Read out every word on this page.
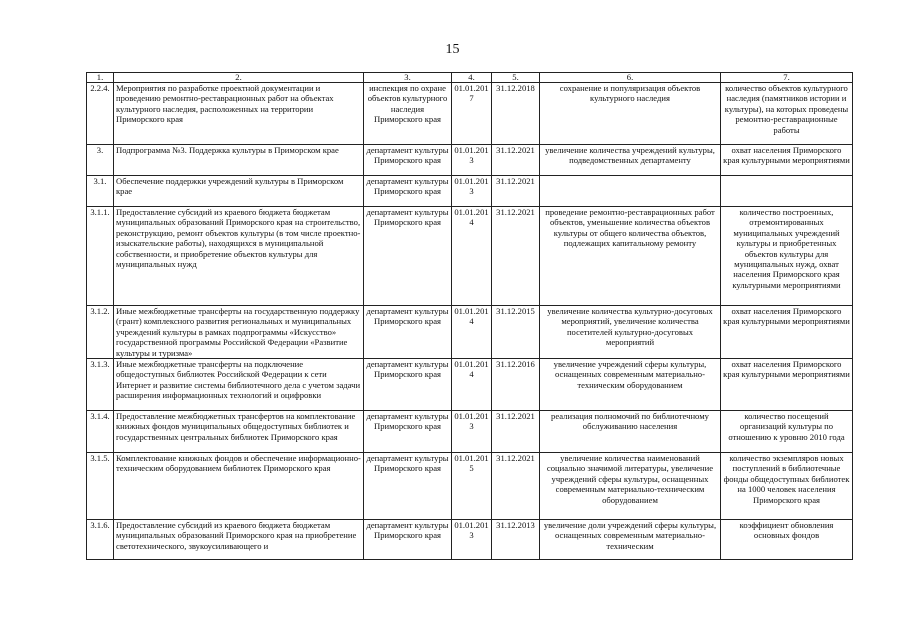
15
1.	2.	3.	4.	5.	6.	7.
2.2.4.	Мероприятия по разработке проектной документации и проведению ремонтно-реставрационных работ на объектах культурного наследия, расположенных на территории Приморского края	инспекция по охране объектов культурного наследия Приморского края	01.01.2017	31.12.2018	сохранение и популяризация объектов культурного наследия	количество объектов культурного наследия (памятников истории и культуры), на которых проведены ремонтно-реставрационные работы
3.	Подпрограмма №3. Поддержка культуры в Приморском крае	департамент культуры Приморского края	01.01.2013	31.12.2021	увеличение количества учреждений культуры, подведомственных департаменту	охват населения Приморского края культурными мероприятиями
3.1.	Обеспечение поддержки учреждений культуры в Приморском крае	департамент культуры Приморского края	01.01.2013	31.12.2021		
3.1.1.	Предоставление субсидий из краевого бюджета бюджетам муниципальных образований Приморского края на строительство, реконструкцию, ремонт объектов культуры (в том числе проектно-изыскательские работы), находящихся в муниципальной собственности, и приобретение объектов культуры для муниципальных нужд	департамент культуры Приморского края	01.01.2014	31.12.2021	проведение ремонтно-реставрационных работ объектов, уменьшение количества объектов культуры от общего количества объектов, подлежащих капитальному ремонту	количество построенных, отремонтированных муниципальных учреждений культуры и приобретенных объектов культуры для муниципальных нужд, охват населения Приморского края культурными мероприятиями
3.1.2.	Иные межбюджетные трансферты на государственную поддержку (грант) комплексного развития региональных и муниципальных учреждений культуры в рамках подпрограммы «Искусство» государственной программы Российской Федерации «Развитие культуры и туризма»	департамент культуры Приморского края	01.01.2014	31.12.2015	увеличение количества культурно-досуговых мероприятий, увеличение количества посетителей культурно-досуговых мероприятий	охват населения Приморского края культурными мероприятиями
3.1.3.	Иные межбюджетные трансферты на подключение общедоступных библиотек Российской Федерации к сети Интернет и развитие системы библиотечного дела с учетом задачи расширения информационных технологий и оцифровки	департамент культуры Приморского края	01.01.2014	31.12.2016	увеличение учреждений сферы культуры, оснащенных современным материально-техническим оборудованием	охват населения Приморского края культурными мероприятиями
3.1.4.	Предоставление межбюджетных трансфертов на комплектование книжных фондов муниципальных общедоступных библиотек и государственных центральных библиотек Приморского края	департамент культуры Приморского края	01.01.2013	31.12.2021	реализация полномочий по библиотечному обслуживанию населения	количество посещений организаций культуры по отношению к уровню 2010 года
3.1.5.	Комплектование книжных фондов и обеспечение информационно-техническим оборудованием библиотек Приморского края	департамент культуры Приморского края	01.01.2015	31.12.2021	увеличение количества наименований социально значимой литературы, увеличение учреждений сферы культуры, оснащенных современным материально-техническим оборудованием	количество экземпляров новых поступлений в библиотечные фонды общедоступных библиотек на 1000 человек населения Приморского края
3.1.6.	Предоставление субсидий из краевого бюджета бюджетам муниципальных образований Приморского края на приобретение светотехнического, звукоусиливающего и	департамент культуры Приморского края	01.01.2013	31.12.2013	увеличение доли учреждений сферы культуры, оснащенных современным материально-техническим	коэффициент обновления основных фондов
